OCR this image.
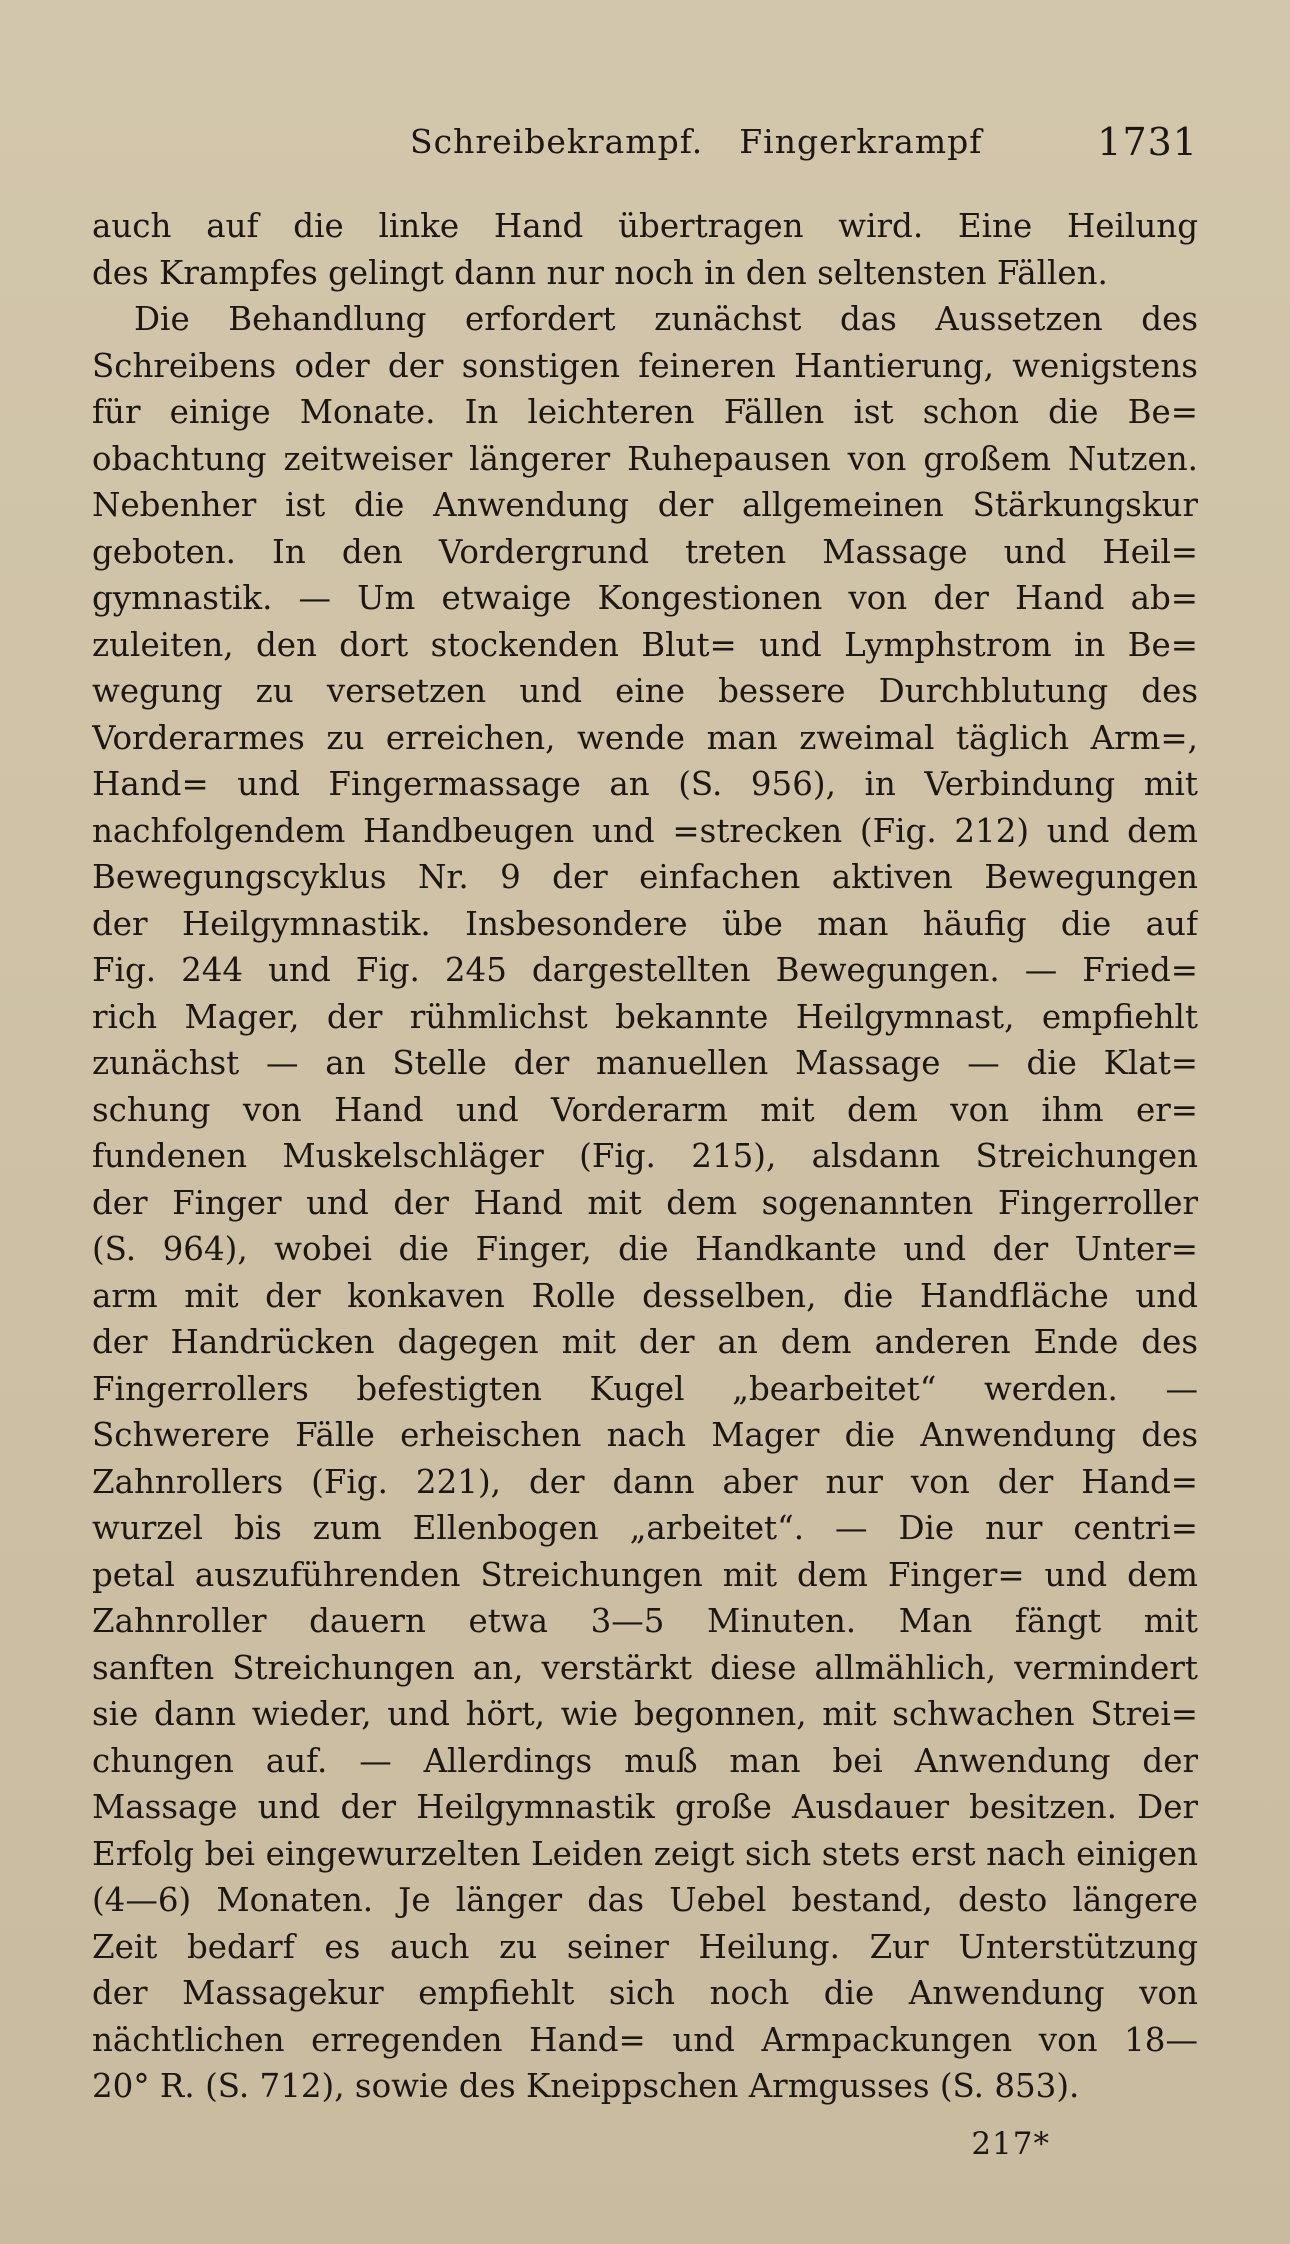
Schreibekrampf. Fingerkrampf	1731
auch auf die linke Hand übertragen wird. Eine Heilung
des Krampfes gelingt dann nur noch in den seltensten Fällen.
Die Behandlung erfordert zunächst das Aussetzen des
Schreibens oder der sonstigen feineren Hantierung, wenigstens
für einige Monate. In leichteren Fällen ist schon die Be=
obachtung zeitweiser längerer Ruhepausen von großem Nutzen.
Nebenher ist die Anwendung der allgemeinen Stärkungskur
geboten. In den Vordergrund treten Massage und Heil=
gymnastik. — Um etwaige Kongestionen von der Hand ab=
zuleiten, den dort stockenden Blut= und Lymphstrom in Be=
wegung zu versetzen und eine bessere Durchblutung des
Vorderarmes zu erreichen, wende man zweimal täglich Arm=,
Hand= und Fingermassage an (S. 956), in Verbindung mit
nachfolgendem Handbeugen und =strecken (Fig. 212) und dem
Bewegungscyklus Nr. 9 der einfachen aktiven Bewegungen
der Heilgymnastik. Insbesondere übe man häufig die auf
Fig. 244 und Fig. 245 dargestellten Bewegungen. — Fried=
rich Mager, der rühmlichst bekannte Heilgymnast, empfiehlt
zunächst — an Stelle der manuellen Massage — die Klat=
schung von Hand und Vorderarm mit dem von ihm er=
fundenen Muskelschläger (Fig. 215), alsdann Streichungen
der Finger und der Hand mit dem sogenannten Fingerroller
(S. 964), wobei die Finger, die Handkante und der Unter=
arm mit der konkaven Rolle desselben, die Handfläche und
der Handrücken dagegen mit der an dem anderen Ende des
Fingerrollers befestigten Kugel „bearbeitet“ werden. —
Schwerere Fälle erheischen nach Mager die Anwendung des
Zahnrollers (Fig. 221), der dann aber nur von der Hand=
wurzel bis zum Ellenbogen „arbeitet“. — Die nur centri=
petal auszuführenden Streichungen mit dem Finger= und dem
Zahnroller dauern etwa 3—5 Minuten. Man fängt mit
sanften Streichungen an, verstärkt diese allmählich, vermindert
sie dann wieder, und hört, wie begonnen, mit schwachen Strei=
chungen auf. — Allerdings muß man bei Anwendung der
Massage und der Heilgymnastik große Ausdauer besitzen. Der
Erfolg bei eingewurzelten Leiden zeigt sich stets erst nach einigen
(4—6) Monaten. Je länger das Uebel bestand, desto längere
Zeit bedarf es auch zu seiner Heilung. Zur Unterstützung
der Massagekur empfiehlt sich noch die Anwendung von
nächtlichen erregenden Hand= und Armpackungen von 18—
20° R. (S. 712), sowie des Kneippschen Armgusses (S. 853).
217*
